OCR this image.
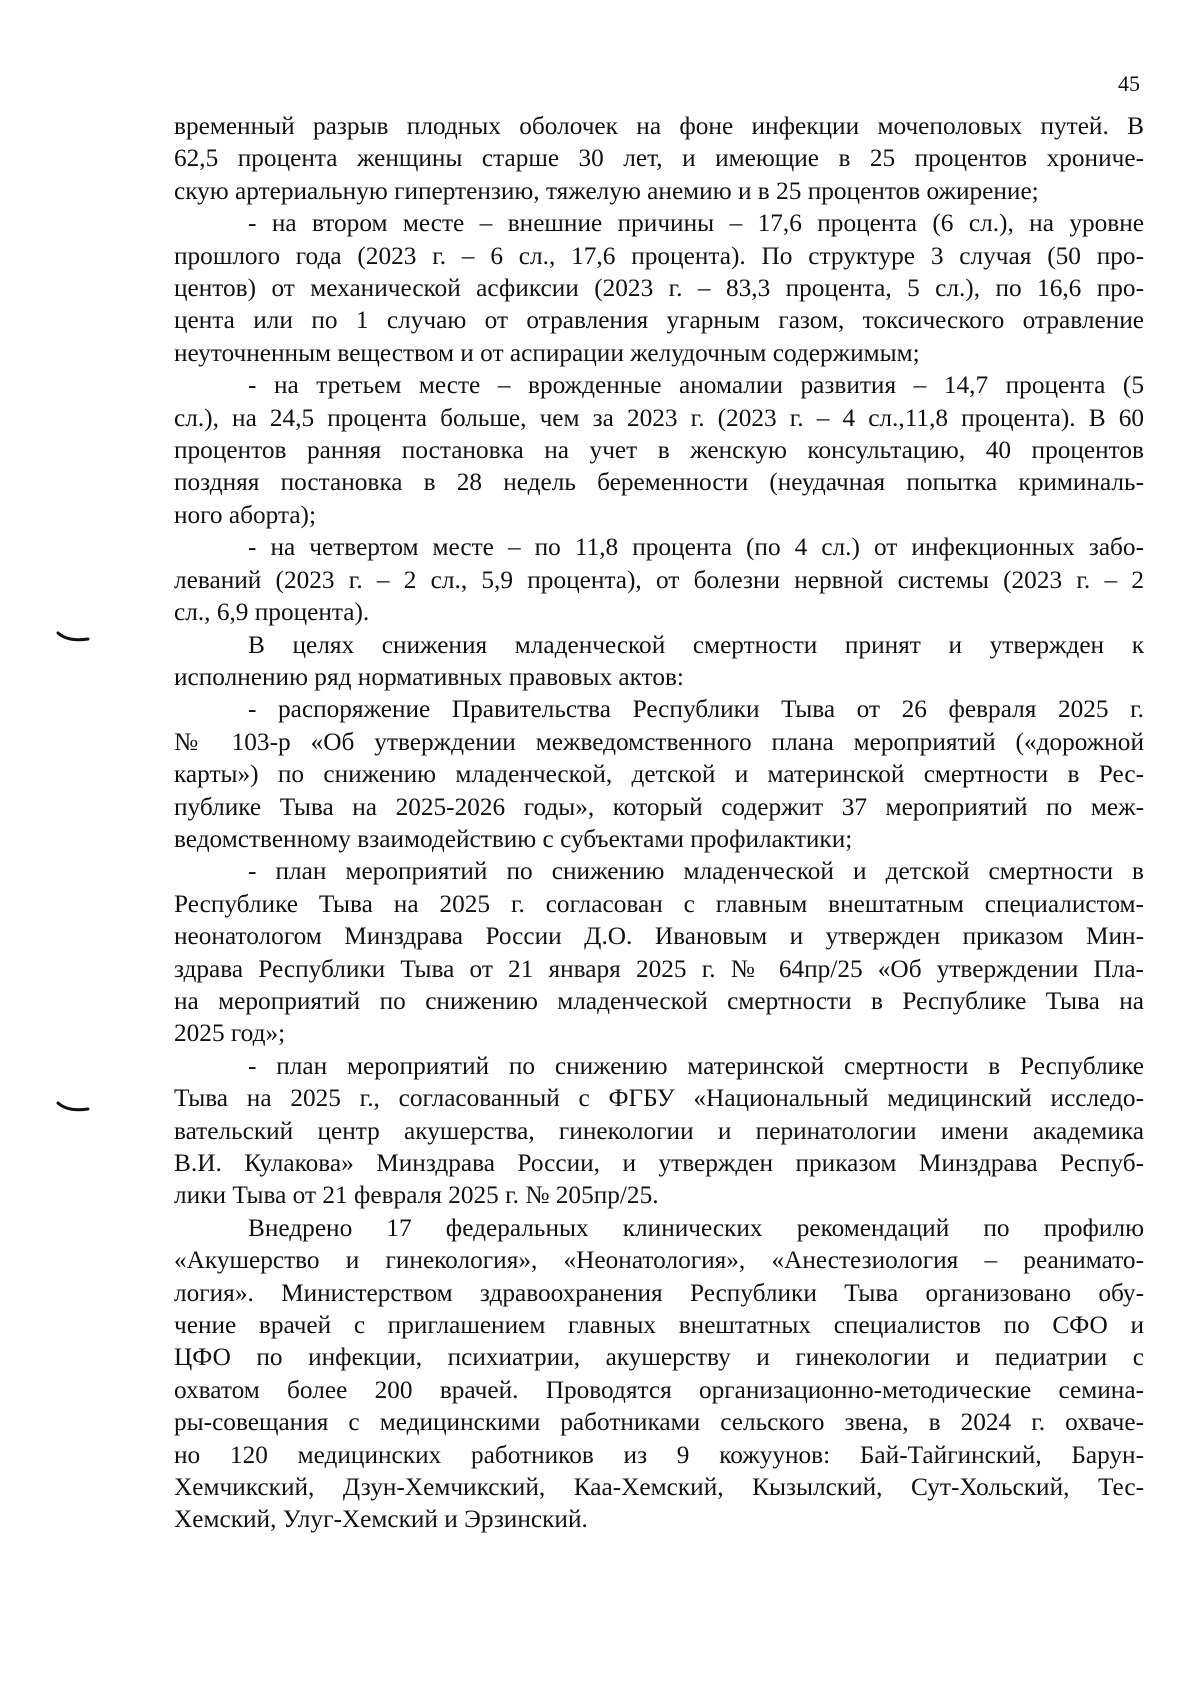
45
временный разрыв плодных оболочек на фоне инфекции мочеполовых путей. В
62,5 процента женщины старше 30 лет, и имеющие в 25 процентов хрониче-
скую артериальную гипертензию, тяжелую анемию и в 25 процентов ожирение;
- на втором месте – внешние причины – 17,6 процента (6 сл.), на уровне
прошлого года (2023 г. – 6 сл., 17,6 процента). По структуре 3 случая (50 про-
центов) от механической асфиксии (2023 г. – 83,3 процента, 5 сл.), по 16,6 про-
цента или по 1 случаю от отравления угарным газом, токсического отравление
неуточненным веществом и от аспирации желудочным содержимым;
- на третьем месте – врожденные аномалии развития – 14,7 процента (5
сл.), на 24,5 процента больше, чем за 2023 г. (2023 г. – 4 сл.,11,8 процента). В 60
процентов ранняя постановка на учет в женскую консультацию, 40 процентов
поздняя постановка в 28 недель беременности (неудачная попытка криминаль-
ного аборта);
- на четвертом месте – по 11,8 процента (по 4 сл.) от инфекционных забо-
леваний (2023 г. – 2 сл., 5,9 процента), от болезни нервной системы (2023 г. – 2
сл., 6,9 процента).
В целях снижения младенческой смертности принят и утвержден к
исполнению ряд нормативных правовых актов:
- распоряжение Правительства Республики Тыва от 26 февраля 2025 г.
№ 103-р «Об утверждении межведомственного плана мероприятий («дорожной
карты») по снижению младенческой, детской и материнской смертности в Рес-
публике Тыва на 2025-2026 годы», который содержит 37 мероприятий по меж-
ведомственному взаимодействию с субъектами профилактики;
- план мероприятий по снижению младенческой и детской смертности в
Республике Тыва на 2025 г. согласован с главным внештатным специалистом-
неонатологом Минздрава России Д.О. Ивановым и утвержден приказом Мин-
здрава Республики Тыва от 21 января 2025 г. № 64пр/25 «Об утверждении Пла-
на мероприятий по снижению младенческой смертности в Республике Тыва на
2025 год»;
- план мероприятий по снижению материнской смертности в Республике
Тыва на 2025 г., согласованный с ФГБУ «Национальный медицинский исследо-
вательский центр акушерства, гинекологии и перинатологии имени академика
В.И. Кулакова» Минздрава России, и утвержден приказом Минздрава Респуб-
лики Тыва от 21 февраля 2025 г. № 205пр/25.
Внедрено 17 федеральных клинических рекомендаций по профилю
«Акушерство и гинекология», «Неонатология», «Анестезиология – реанимато-
логия». Министерством здравоохранения Республики Тыва организовано обу-
чение врачей с приглашением главных внештатных специалистов по СФО и
ЦФО по инфекции, психиатрии, акушерству и гинекологии и педиатрии с
охватом более 200 врачей. Проводятся организационно-методические семина-
ры-совещания с медицинскими работниками сельского звена, в 2024 г. охваче-
но 120 медицинских работников из 9 кожуунов: Бай-Тайгинский, Барун-
Хемчикский, Дзун-Хемчикский, Каа-Хемский, Кызылский, Сут-Хольский, Тес-
Хемский, Улуг-Хемский и Эрзинский.
